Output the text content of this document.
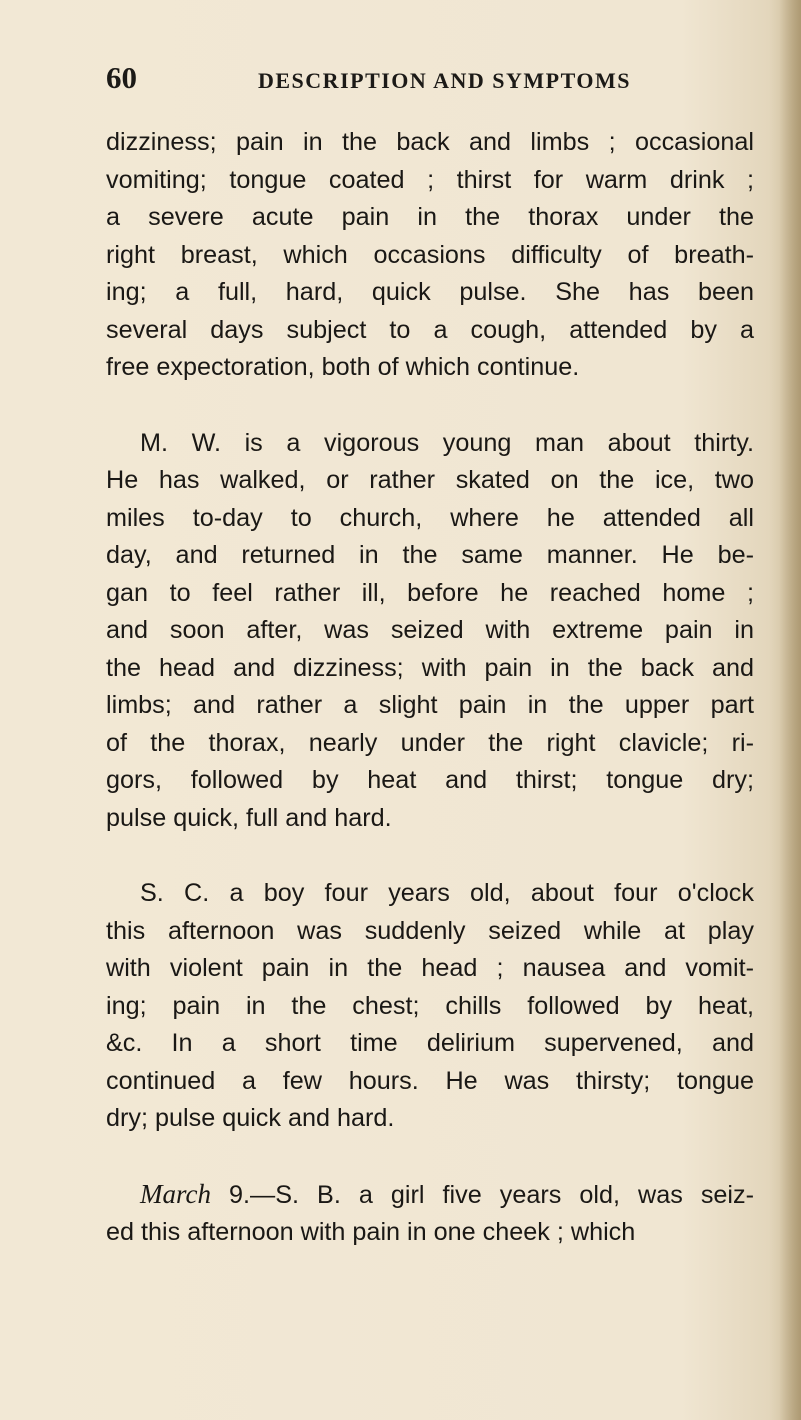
60	DESCRIPTION AND SYMPTOMS

dizziness; pain in the back and limbs ; occasional
vomiting; tongue coated ; thirst for warm drink ;
a severe acute pain in the thorax under the
right breast, which occasions difficulty of breath-
ing; a full, hard, quick pulse. She has been
several days subject to a cough, attended by a
free expectoration, both of which continue.

M. W. is a vigorous young man about thirty.
He has walked, or rather skated on the ice, two
miles to-day to church, where he attended all
day, and returned in the same manner. He be-
gan to feel rather ill, before he reached home ;
and soon after, was seized with extreme pain in
the head and dizziness; with pain in the back and
limbs; and rather a slight pain in the upper part
of the thorax, nearly under the right clavicle; ri-
gors, followed by heat and thirst; tongue dry;
pulse quick, full and hard.

S. C. a boy four years old, about four o'clock
this afternoon was suddenly seized while at play
with violent pain in the head ; nausea and vomit-
ing; pain in the chest; chills followed by heat,
&c. In a short time delirium supervened, and
continued a few hours. He was thirsty; tongue
dry; pulse quick and hard.

March 9.—S. B. a girl five years old, was seiz-
ed this afternoon with pain in one cheek ; which
